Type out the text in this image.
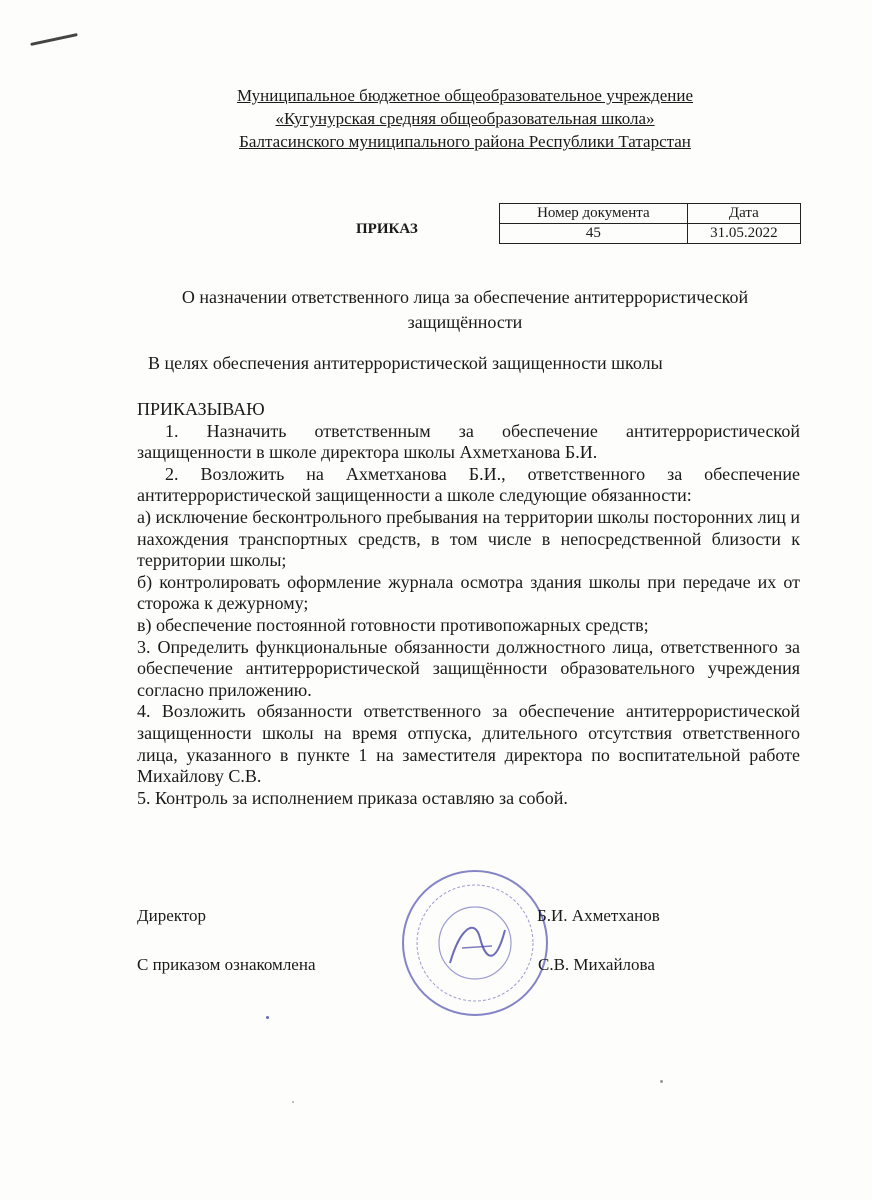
Муниципальное бюджетное общеобразовательное учреждение
«Кугунурская средняя общеобразовательная школа»
Балтасинского муниципального района Республики Татарстан
ПРИКАЗ
Номер документа	Дата
45	31.05.2022
О назначении ответственного лица за обеспечение антитеррористической
защищённости
В целях обеспечения антитеррористической защищенности школы

ПРИКАЗЫВАЮ

1. Назначить ответственным за обеспечение антитеррористической защищенности в школе директора школы Ахметханова Б.И.

2. Возложить на Ахметханова Б.И., ответственного за обеспечение антитеррористической защищенности а школе следующие обязанности:

а) исключение бесконтрольного пребывания на территории школы посторонних лиц и нахождения транспортных средств, в том числе в непосредственной близости к территории школы;

б) контролировать оформление журнала осмотра здания школы при передаче их от сторожа к дежурному;

в) обеспечение постоянной готовности противопожарных средств;

3. Определить функциональные обязанности должностного лица, ответственного за обеспечение антитеррористической защищённости образовательного учреждения согласно приложению.

4. Возложить обязанности ответственного за обеспечение антитеррористической защищенности школы на время отпуска, длительного отсутствия ответственного лица, указанного в пункте 1 на заместителя директора по воспитательной работе Михайлову С.В.

5. Контроль за исполнением приказа оставляю за собой.

Директор	Б.И. Ахметханов
С приказом ознакомлена	С.В. Михайлова
